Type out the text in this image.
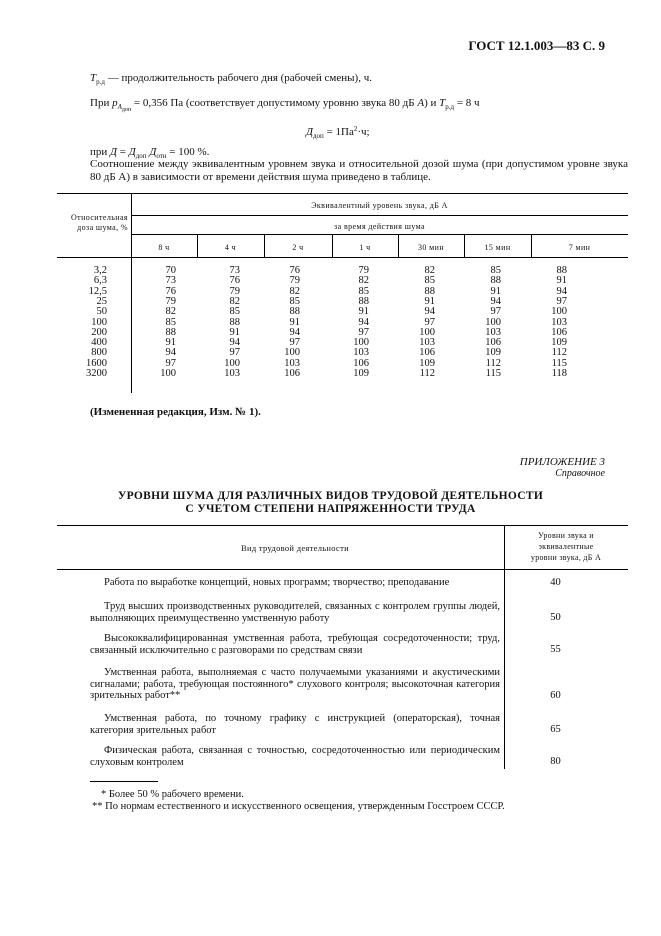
ГОСТ 12.1.003—83 С. 9
$T_{р.д}$ — продолжительность рабочего дня (рабочей смены), ч.
При $p_{Aдоп} = 0,356$ Па (соответствует допустимому уровню звука 80 дБ A) и $T_{р.д} = 8$ ч
$Д_{доп} = 1Па^2\cdot ч$;
при $Д = Д_{доп}$ $Д_{отн} = 100$ %.
Соотношение между эквивалентным уровнем звука и относительной дозой шума (при допустимом уровне звука 80 дБ А) в зависимости от времени действия шума приведено в таблице.
Относительная
доза шума, %
Эквивалентный уровень звука, дБ А
за время действия шума
8 ч	4 ч	2 ч	1 ч	30 мин	15 мин	7 мин
3,2	70	73	76	79	82	85	88
6,3	73	76	79	82	85	88	91
12,5	76	79	82	85	88	91	94
25	79	82	85	88	91	94	97
50	82	85	88	91	94	97	100
100	85	88	91	94	97	100	103
200	88	91	94	97	100	103	106
400	91	94	97	100	103	106	109
800	94	97	100	103	106	109	112
1600	97	100	103	106	109	112	115
3200	100	103	106	109	112	115	118
(Измененная редакция, Изм. № 1).
ПРИЛОЖЕНИЕ 3
Справочное
УРОВНИ ШУМА ДЛЯ РАЗЛИЧНЫХ ВИДОВ ТРУДОВОЙ ДЕЯТЕЛЬНОСТИ
С УЧЕТОМ СТЕПЕНИ НАПРЯЖЕННОСТИ ТРУДА
Вид трудовой деятельности
Уровни звука и
эквивалентные
уровни звука, дБ А
Работа по выработке концепций, новых программ; творчество; преподавание	40
Труд высших производственных руководителей, связанных с контролем группы людей, выполняющих преимущественно умственную работу	50
Высококвалифицированная умственная работа, требующая сосредоточенности; труд, связанный исключительно с разговорами по средствам связи	55
Умственная работа, выполняемая с часто получаемыми указаниями и акустическими сигналами; работа, требующая постоянного* слухового контроля; высокоточная категория зрительных работ**	60
Умственная работа, по точному графику с инструкцией (операторская), точная категория зрительных работ	65
Физическая работа, связанная с точностью, сосредоточенностью или периодическим слуховым контролем	80
* Более 50 % рабочего времени.
** По нормам естественного и искусственного освещения, утвержденным Госстроем СССР.
